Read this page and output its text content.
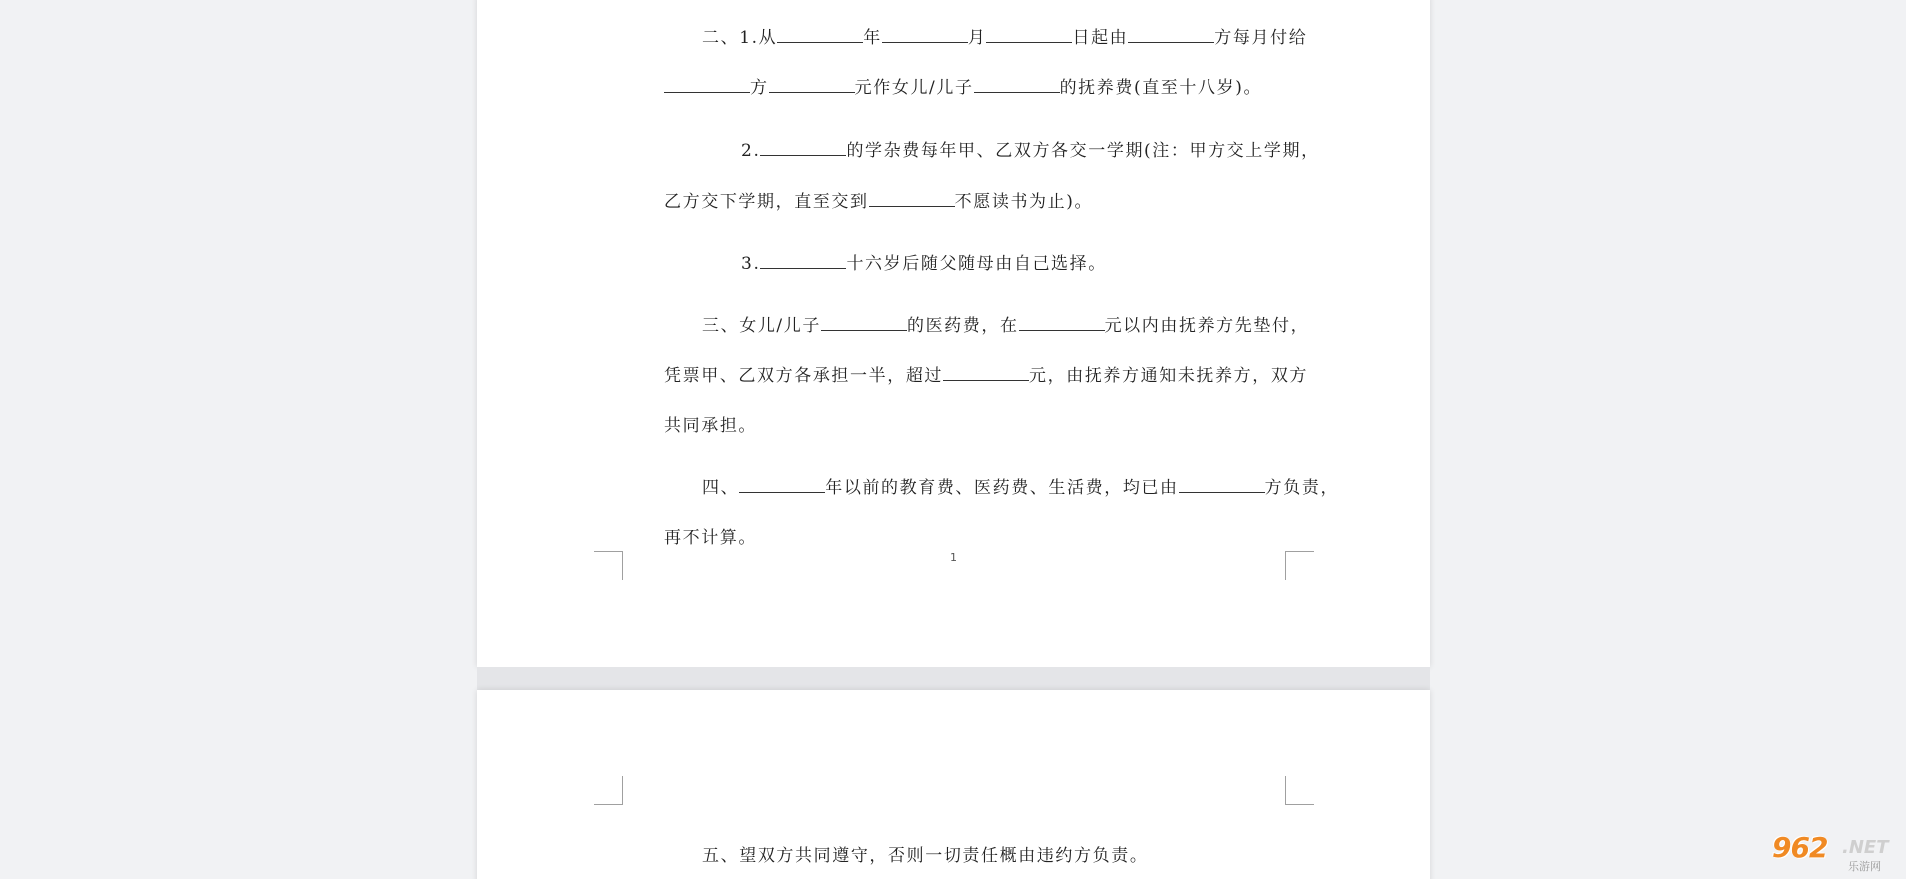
二、1.从	年	月	日起由	方每月付给

方	元作女儿/儿子	的抚养费(直至十八岁)。

2.	的学杂费每年甲、乙双方各交一学期(注：甲方交上学期，

乙方交下学期，直至交到	不愿读书为止)。

3.	十六岁后随父随母由自己选择。

三、女儿/儿子	的医药费，在	元以内由抚养方先垫付，

凭票甲、乙双方各承担一半，超过	元，由抚养方通知未抚养方，双方

共同承担。

四、	年以前的教育费、医药费、生活费，均已由	方负责，

再不计算。

1

五、望双方共同遵守，否则一切责任概由违约方负责。
	962 .NET
乐游网
